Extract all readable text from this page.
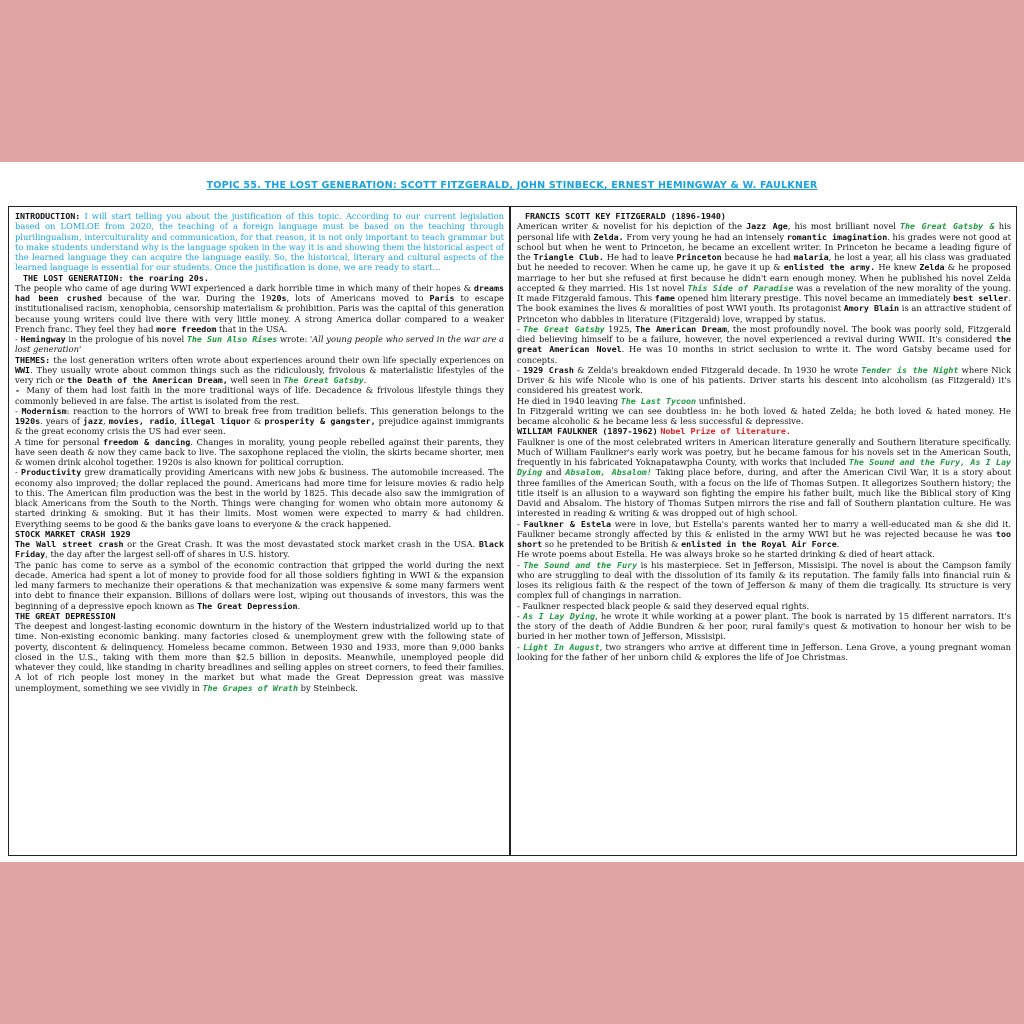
TOPIC 55. THE LOST GENERATION: SCOTT FITZGERALD, JOHN STINBECK, ERNEST HEMINGWAY & W. FAULKNER

INTRODUCTION: I will start telling you about the justification of this topic. According to our current legislation based on LOMLOE from 2020, the teaching of a foreign language must be based on the teaching through plurilingualism, interculturality and communication, for that reason, it is not only important to teach grammar but to make students understand why is the language spoken in the way it is and showing them the historical aspect of the learned language they can acquire the language easily. So, the historical, literary and cultural aspects of the learned language is essential for our students. Once the justification is done, we are ready to start…

THE LOST GENERATION: the roaring 20s.

The people who came of age during WWI experienced a dark horrible time in which many of their hopes & dreams had been crushed because of the war. During the 1920s, lots of Americans moved to Paris to escape institutionalised racism, xenophobia, censorship materialism & prohibition. Paris was the capital of this generation because young writers could live there with very little money. A strong America dollar compared to a weaker French franc. They feel they had more freedom that in the USA.

- Hemingway in the prologue of his novel The Sun Also Rises wrote: 'All young people who served in the war are a lost generation'

THEMES: the lost generation writers often wrote about experiences around their own life specially experiences on WWI. They usually wrote about common things such as the ridiculously, frivolous & materialistic lifestyles of the very rich or the Death of the American Dream, well seen in The Great Gatsby.

- Many of them had lost faith in the more traditional ways of life. Decadence & frivolous lifestyle things they commonly believed in are false. The artist is isolated from the rest.

- Modernism: reaction to the horrors of WWI to break free from tradition beliefs. This generation belongs to the 1920s. years of jazz, movies, radio, illegal liquor & prosperity & gangster, prejudice against immigrants & the great economy crisis the US had ever seen.

A time for personal freedom & dancing. Changes in morality, young people rebelled against their parents, they have seen death & now they came back to live. The saxophone replaced the violin, the skirts became shorter, men & women drink alcohol together. 1920s is also known for political corruption.

- Productivity grew dramatically providing Americans with new jobs & business. The automobile increased. The economy also improved; the dollar replaced the pound. Americans had more time for leisure movies & radio help to this. The American film production was the best in the world by 1825. This decade also saw the immigration of black Americans from the South to the North. Things were changing for women who obtain more autonomy & started drinking & smoking. But it has their limits. Most women were expected to marry & had children. Everything seems to be good & the banks gave loans to everyone & the crack happened.

STOCK MARKET CRASH 1929

The Wall street crash or the Great Crash. It was the most devastated stock market crash in the USA. Black Friday, the day after the largest sell-off of shares in U.S. history.

The panic has come to serve as a symbol of the economic contraction that gripped the world during the next decade. America had spent a lot of money to provide food for all those soldiers fighting in WWI & the expansion led many farmers to mechanize their operations & that mechanization was expensive & some many farmers went into debt to finance their expansion. Billions of dollars were lost, wiping out thousands of investors, this was the beginning of a depressive epoch known as The Great Depression.

THE GREAT DEPRESSION

The deepest and longest-lasting economic downturn in the history of the Western industrialized world up to that time. Non-existing economic banking. many factories closed & unemployment grew with the following state of poverty, discontent & delinquency. Homeless became common. Between 1930 and 1933, more than 9,000 banks closed in the U.S., taking with them more than $2.5 billion in deposits. Meanwhile, unemployed people did whatever they could, like standing in charity breadlines and selling apples on street corners, to feed their families. A lot of rich people lost money in the market but what made the Great Depression great was massive unemployment, something we see vividly in The Grapes of Wrath by Steinbeck.

FRANCIS SCOTT KEY FITZGERALD (1896-1940)

American writer & novelist for his depiction of the Jazz Age, his most brilliant novel The Great Gatsby & his personal life with Zelda. From very young he had an intensely romantic imagination. his grades were not good at school but when he went to Princeton, he became an excellent writer. In Princeton he became a leading figure of the Triangle Club. He had to leave Princeton because he had malaria, he lost a year, all his class was graduated but he needed to recover. When he came up, he gave it up & enlisted the army. He knew Zelda & he proposed marriage to her but she refused at first because he didn't earn enough money. When he published his novel Zelda accepted & they married. His 1st novel This Side of Paradise was a revelation of the new morality of the young. It made Fitzgerald famous. This fame opened him literary prestige. This novel became an immediately best seller. The book examines the lives & moralities of post WWI youth. Its protagonist Amory Blain is an attractive student of Princeton who dabbles in literature (Fitzgerald) love, wrapped by status.

- The Great Gatsby 1925, The American Dream, the most profoundly novel. The book was poorly sold, Fitzgerald died believing himself to be a failure, however, the novel experienced a revival during WWII. It's considered the great American Novel. He was 10 months in strict seclusion to write it. The word Gatsby became used for concepts.

- 1929 Crash & Zelda's breakdown ended Fitzgerald decade. In 1930 he wrote Tender is the Night where Nick Driver & his wife Nicole who is one of his patients. Driver starts his descent into alcoholism (as Fitzgerald) it's considered his greatest work.

He died in 1940 leaving The Last Tycoon unfinished.

In Fitzgerald writing we can see doubtless in: he both loved & hated Zelda; he both loved & hated money. He became alcoholic & he became less & less successful & depressive.

WILLIAM FAULKNER (1897-1962) Nobel Prize of literature.

Faulkner is one of the most celebrated writers in American literature generally and Southern literature specifically. Much of William Faulkner's early work was poetry, but he became famous for his novels set in the American South, frequently in his fabricated Yoknapatawpha County, with works that included The Sound and the Fury, As I Lay Dying and Absalom, Absalom! Taking place before, during, and after the American Civil War, it is a story about three families of the American South, with a focus on the life of Thomas Sutpen. It allegorizes Southern history; the title itself is an allusion to a wayward son fighting the empire his father built, much like the Biblical story of King David and Absalom. The history of Thomas Sutpen mirrors the rise and fall of Southern plantation culture. He was interested in reading & writing & was dropped out of high school.

- Faulkner & Estela were in love, but Estella's parents wanted her to marry a well-educated man & she did it. Faulkner became strongly affected by this & enlisted in the army WWI but he was rejected because he was too short so he pretended to be British & enlisted in the Royal Air Force.

He wrote poems about Estella. He was always broke so he started drinking & died of heart attack.

- The Sound and the Fury is his masterpiece. Set in Jefferson, Missisipi. The novel is about the Campson family who are struggling to deal with the dissolution of its family & its reputation. The family falls into financial ruin & loses its religious faith & the respect of the town of Jefferson & many of them die tragically. Its structure is very complex full of changings in narration.

- Faulkner respected black people & said they deserved equal rights.

- As I Lay Dying, he wrote it while working at a power plant. The book is narrated by 15 different narrators. It's the story of the death of Addie Bundren & her poor, rural family's quest & motivation to honour her wish to be buried in her mother town of Jefferson, Missisipi.

- Light In August, two strangers who arrive at different time in Jefferson. Lena Grove, a young pregnant woman looking for the father of her unborn child & explores the life of Joe Christmas.
